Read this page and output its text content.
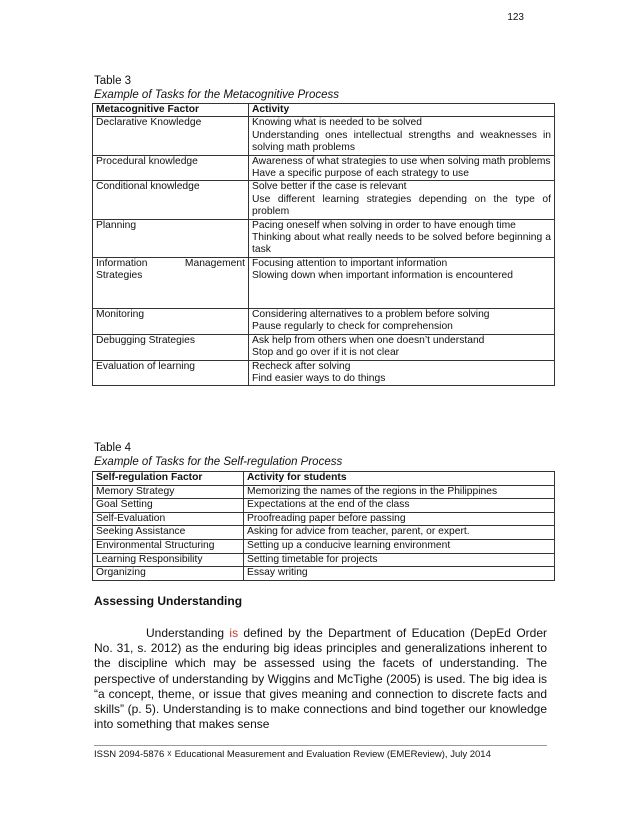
123
Table 3
Example of Tasks for the Metacognitive Process
Metacognitive Factor	Activity
Declarative Knowledge	Knowing what is needed to be solved
Understanding ones intellectual strengths and weaknesses in solving math problems

Procedural knowledge	Awareness of what strategies to use when solving math problems
Have a specific purpose of each strategy to use

Conditional knowledge	Solve better if the case is relevant
Use different learning strategies depending on the type of problem

Planning	Pacing oneself when solving in order to have enough time
Thinking about what really needs to be solved before beginning a task

Information Management Strategies	Focusing attention to important information
Slowing down when important information is encountered

Monitoring	Considering alternatives to a problem before solving
Pause regularly to check for comprehension

Debugging Strategies	Ask help from others when one doesn’t understand
Stop and go over if it is not clear

Evaluation of learning	Recheck after solving
Find easier ways to do things
Table 4
Example of Tasks for the Self-regulation Process
Self-regulation Factor	Activity for students
Memory Strategy	Memorizing the names of the regions in the Philippines
Goal Setting	Expectations at the end of the class
Self-Evaluation	Proofreading paper before passing
Seeking Assistance	Asking for advice from teacher, parent, or expert.
Environmental Structuring	Setting up a conducive learning environment
Learning Responsibility	Setting timetable for projects
Organizing	Essay writing
Assessing Understanding
Understanding is defined by the Department of Education (DepEd Order No. 31, s. 2012) as the enduring big ideas principles and generalizations inherent to the discipline which may be assessed using the facets of understanding. The perspective of understanding by Wiggins and McTighe (2005) is used. The big idea is “a concept, theme, or issue that gives meaning and connection to discrete facts and skills” (p. 5). Understanding is to make connections and bind together our knowledge into something that makes sense
ISSN 2094-5876 ☓ Educational Measurement and Evaluation Review (EMEReview), July 2014
